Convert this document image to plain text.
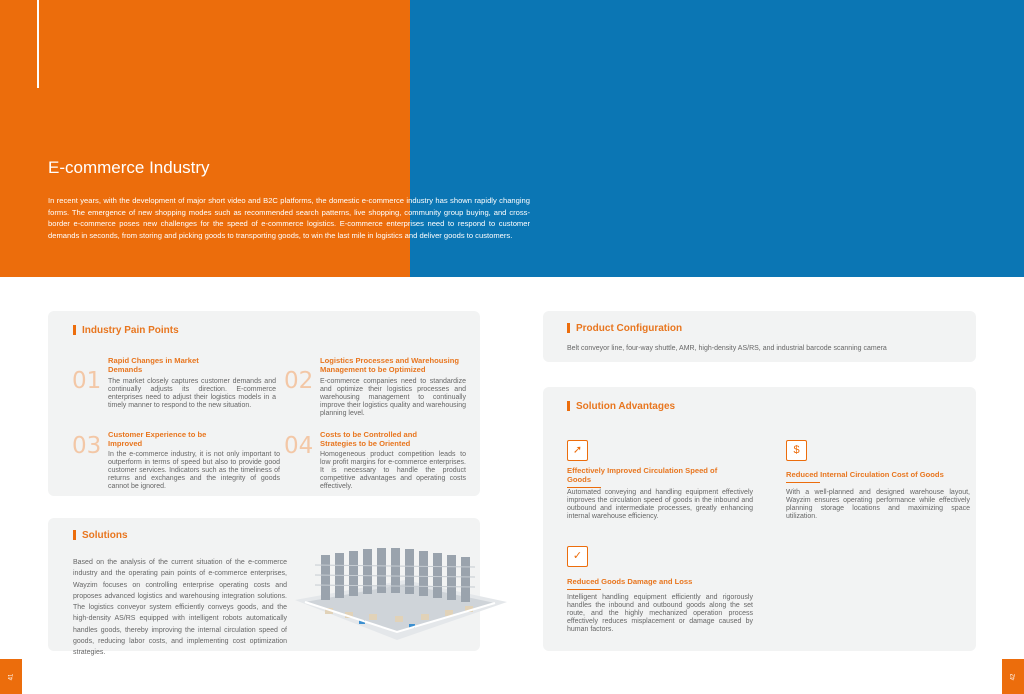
E-commerce Industry

In recent years, with the development of major short video and B2C platforms, the domestic e-commerce industry has shown rapidly changing forms. The emergence of new shopping modes such as recommended search patterns, live shopping, community group buying, and cross-border e-commerce poses new challenges for the speed of e-commerce logistics. E-commerce enterprises need to respond to customer demands in seconds, from storing and picking goods to transporting goods, to win the last mile in logistics and deliver goods to customers.

Industry Pain Points
01

Rapid Changes in Market Demands

The market closely captures customer demands and continually adjusts its direction. E-commerce enterprises need to adjust their logistics models in a timely manner to respond to the new situation.

02

Logistics Processes and Warehousing Management to be Optimized

E-commerce companies need to standardize and optimize their logistics processes and warehousing management to continually improve their logistics quality and warehousing planning level.

03 Customer Experience to be Improved

In the e-commerce industry, it is not only important to outperform in terms of speed but also to provide good customer services. Indicators such as the timeliness of returns and exchanges and the integrity of goods cannot be ignored.

04 Costs to be Controlled and Strategies to be Oriented

Homogeneous product competition leads to low profit margins for e-commerce enterprises. It is necessary to handle the product competitive advantages and operating costs effectively.

Solutions

Based on the analysis of the current situation of the e-commerce industry and the operating pain points of e-commerce enterprises, Wayzim focuses on controlling enterprise operating costs and proposes advanced logistics and warehousing integration solutions. The logistics conveyor system efficiently conveys goods, and the high-density AS/RS equipped with intelligent robots automatically handles goods, thereby improving the internal circulation speed of goods, reducing labor costs, and implementing cost optimization strategies.

Product Configuration
Belt conveyor line, four-way shuttle, AMR, high-density AS/RS, and industrial barcode scanning camera
Solution Advantages
➚

Effectively Improved Circulation Speed of Goods

Automated conveying and handling equipment effectively improves the circulation speed of goods in the inbound and outbound and intermediate processes, greatly enhancing internal warehouse efficiency.

$

Reduced Internal Circulation Cost of Goods

With a well-planned and designed warehouse layout, Wayzim ensures operating performance while effectively planning storage locations and maximizing space utilization.

✓

Reduced Goods Damage and Loss

Intelligent handling equipment efficiently and rigorously handles the inbound and outbound goods along the set route, and the highly mechanized operation process effectively reduces misplacement or damage caused by human factors.

41	42
